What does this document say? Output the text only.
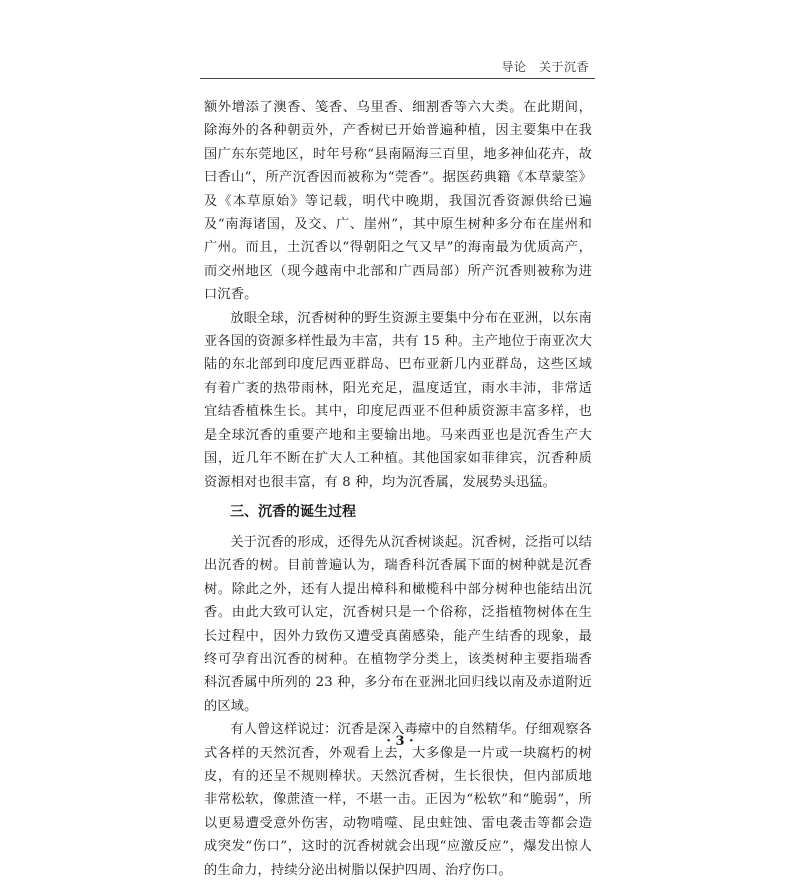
导论　关于沉香

额外增添了澳香、笺香、乌里香、细割香等六大类。在此期间，除海外的各种朝贡外，产香树已开始普遍种植，因主要集中在我国广东东莞地区，时年号称“县南隔海三百里，地多神仙花卉，故曰香山”，所产沉香因而被称为“莞香”。据医药典籍《本草蒙筌》及《本草原始》等记载，明代中晚期，我国沉香资源供给已遍及“南海诸国，及交、广、崖州”，其中原生树种多分布在崖州和广州。而且，土沉香以“得朝阳之气又早”的海南最为优质高产，而交州地区（现今越南中北部和广西局部）所产沉香则被称为进口沉香。

放眼全球，沉香树种的野生资源主要集中分布在亚洲，以东南亚各国的资源多样性最为丰富，共有 15 种。主产地位于南亚次大陆的东北部到印度尼西亚群岛、巴布亚新几内亚群岛，这些区域有着广袤的热带雨林，阳光充足，温度适宜，雨水丰沛，非常适宜结香植株生长。其中，印度尼西亚不但种质资源丰富多样，也是全球沉香的重要产地和主要输出地。马来西亚也是沉香生产大国，近几年不断在扩大人工种植。其他国家如菲律宾，沉香种质资源相对也很丰富，有 8 种，均为沉香属，发展势头迅猛。

三、沉香的诞生过程

关于沉香的形成，还得先从沉香树谈起。沉香树，泛指可以结出沉香的树。目前普遍认为，瑞香科沉香属下面的树种就是沉香树。除此之外，还有人提出樟科和橄榄科中部分树种也能结出沉香。由此大致可认定，沉香树只是一个俗称，泛指植物树体在生长过程中，因外力致伤又遭受真菌感染，能产生结香的现象，最终可孕育出沉香的树种。在植物学分类上，该类树种主要指瑞香科沉香属中所列的 23 种，多分布在亚洲北回归线以南及赤道附近的区域。

有人曾这样说过：沉香是深入毒瘴中的自然精华。仔细观察各式各样的天然沉香，外观看上去，大多像是一片或一块腐朽的树皮，有的还呈不规则棒状。天然沉香树，生长很快，但内部质地非常松软，像蔗渣一样，不堪一击。正因为“松软”和“脆弱”，所以更易遭受意外伤害，动物啃噬、昆虫蛀蚀、雷电袭击等都会造成突发“伤口”，这时的沉香树就会出现“应激反应”，爆发出惊人的生命力，持续分泌出树脂以保护四周、治疗伤口。

· 3 ·
